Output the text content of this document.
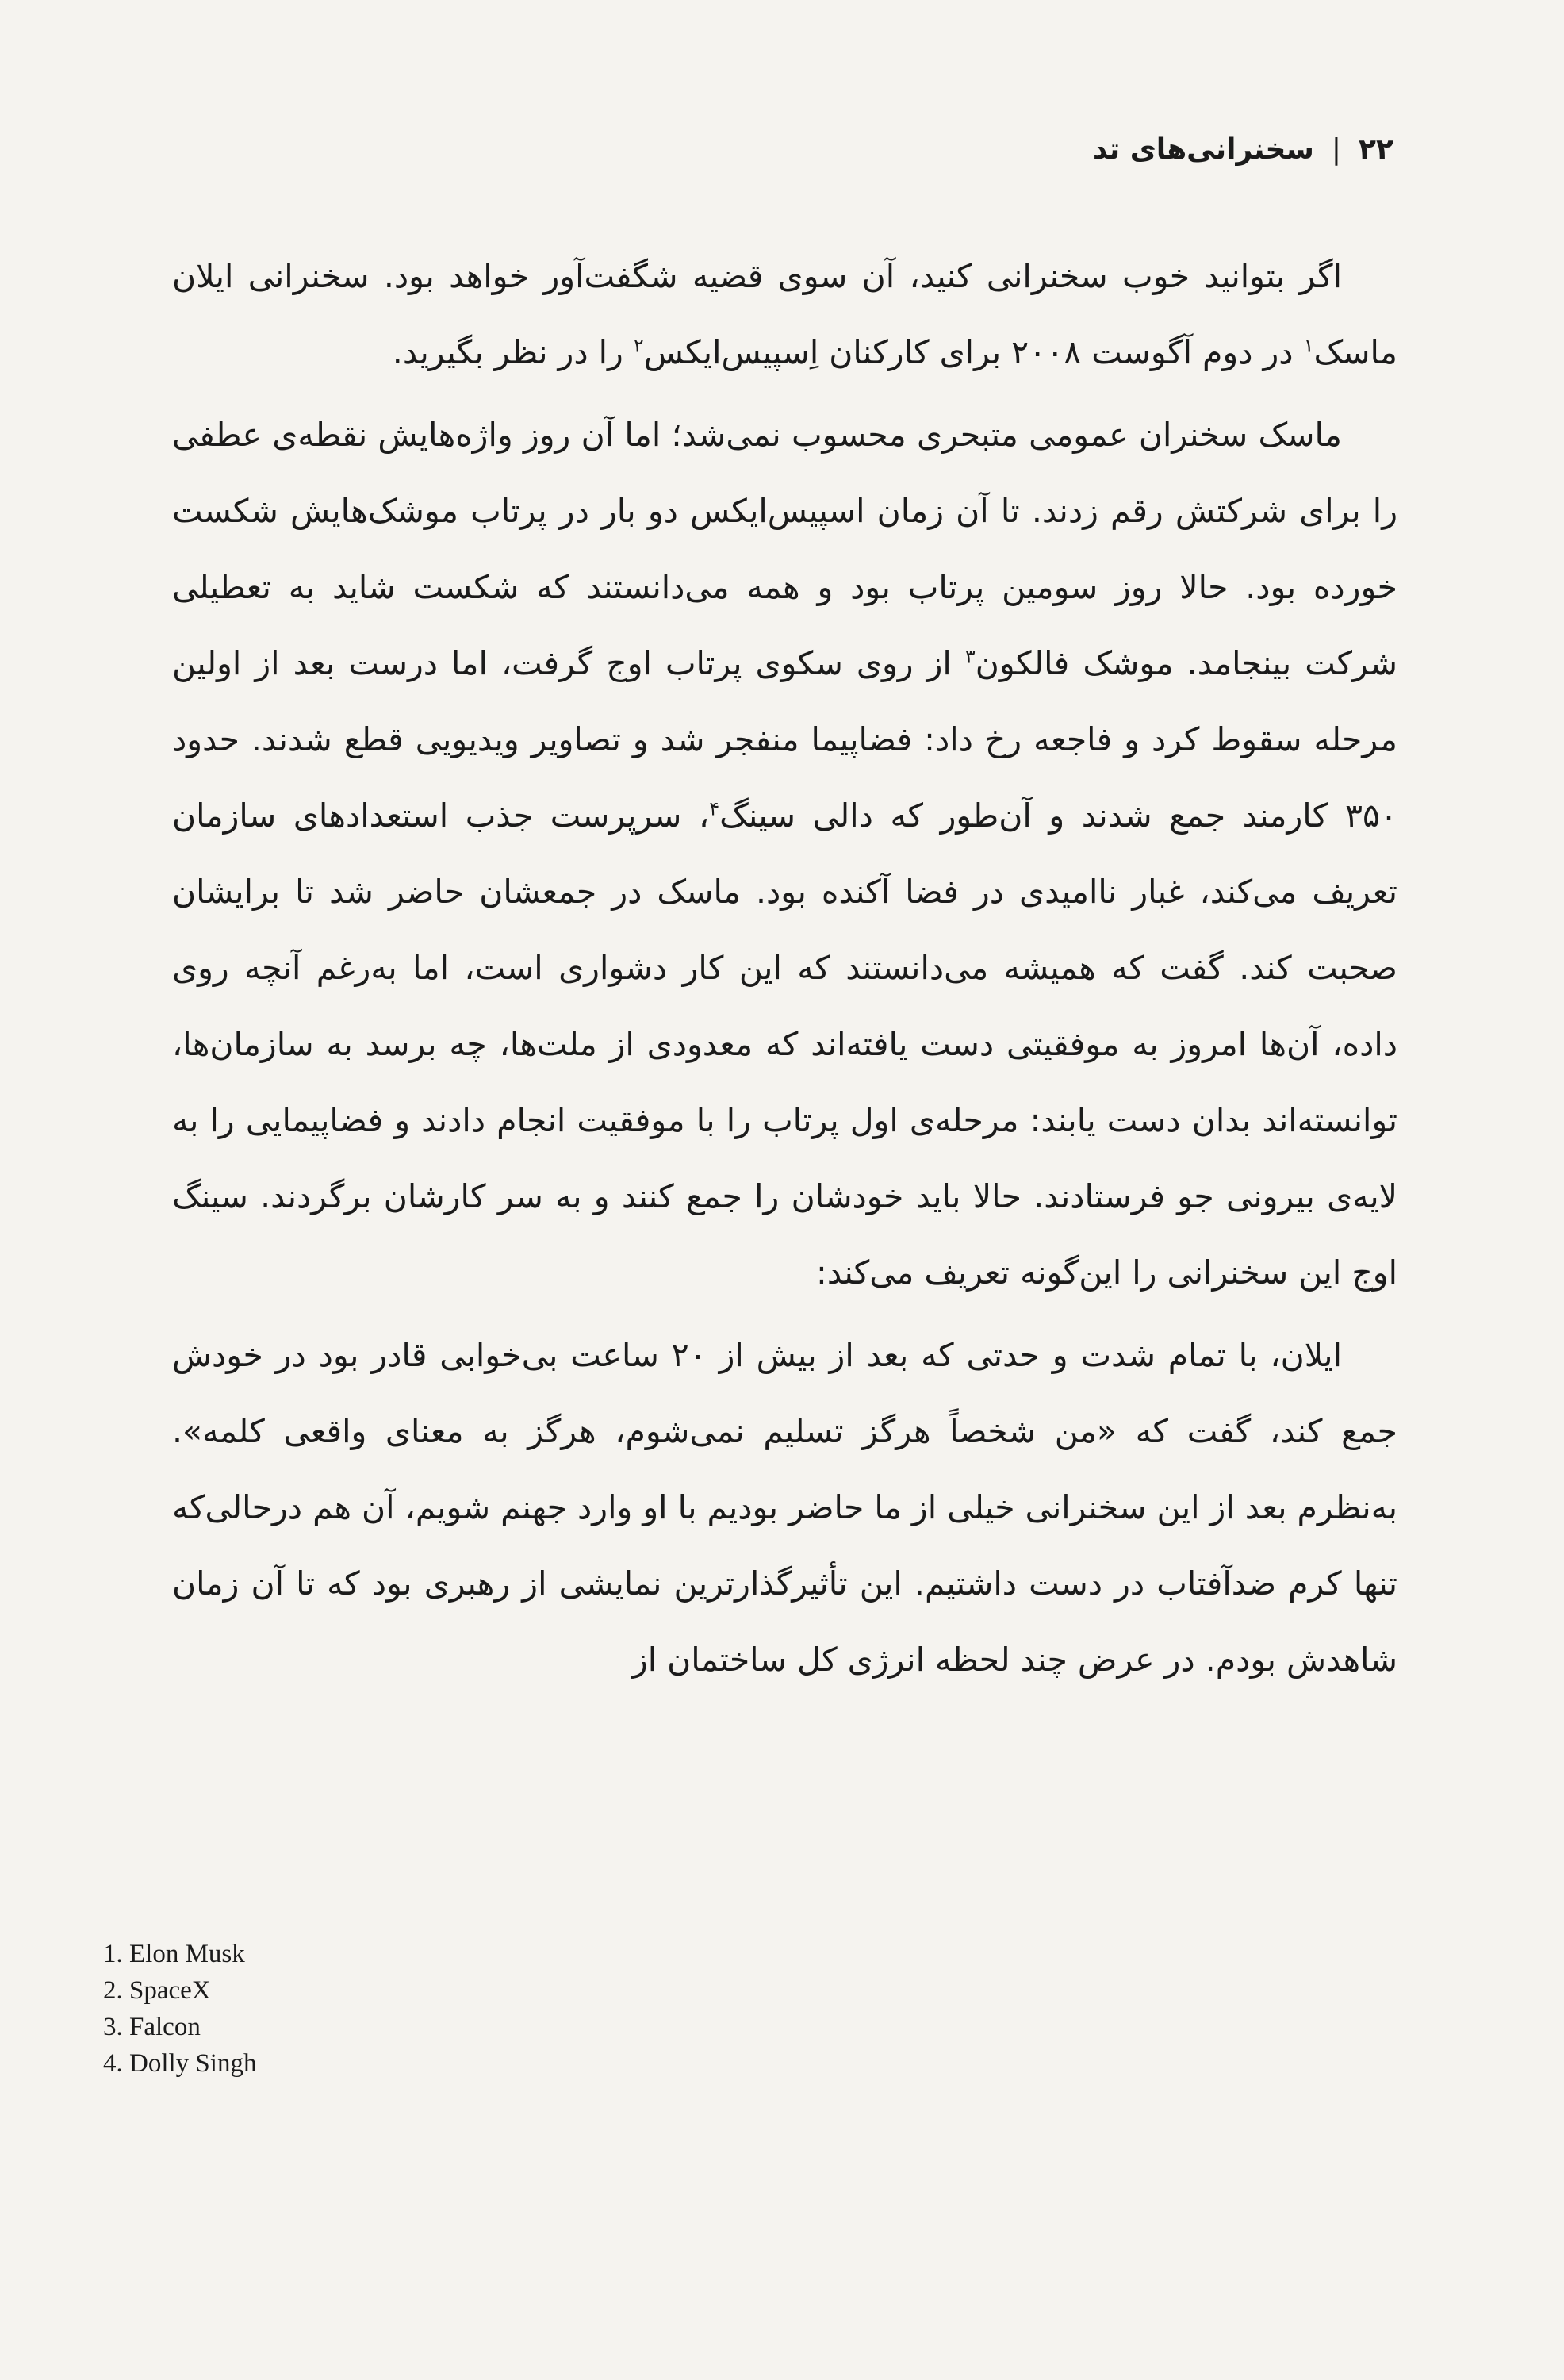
۲۲
|
سخنرانی‌های تد

اگر بتوانید خوب سخنرانی کنید، آن سوی قضیه شگفت‌آور خواهد بود. سخنرانی ایلان ماسک$^۱$ در دوم آگوست ۲۰۰۸ برای کارکنان اِسپیس‌ایکس$^۲$ را در نظر بگیرید.

ماسک سخنران عمومی متبحری محسوب نمی‌شد؛ اما آن روز واژه‌هایش نقطه‌ی عطفی را برای شرکتش رقم زدند. تا آن زمان اسپیس‌ایکس دو بار در پرتاب موشک‌هایش شکست خورده بود. حالا روز سومین پرتاب بود و همه می‌دانستند که شکست شاید به تعطیلی شرکت بینجامد. موشک فالکون$^۳$ از روی سکوی پرتاب اوج گرفت، اما درست بعد از اولین مرحله سقوط کرد و فاجعه رخ داد: فضاپیما منفجر شد و تصاویر ویدیویی قطع شدند. حدود ۳۵۰ کارمند جمع شدند و آن‌طور که دالی سینگ$^۴$، سرپرست جذب استعدادهای سازمان تعریف می‌کند، غبار ناامیدی در فضا آکنده بود. ماسک در جمعشان حاضر شد تا برایشان صحبت کند. گفت که همیشه می‌دانستند که این کار دشواری است، اما به‌رغم آنچه روی داده، آن‌ها امروز به موفقیتی دست یافته‌اند که معدودی از ملت‌ها، چه برسد به سازمان‌ها، توانسته‌اند بدان دست یابند: مرحله‌ی اول پرتاب را با موفقیت انجام دادند و فضاپیمایی را به لایه‌ی بیرونی جو فرستادند. حالا باید خودشان را جمع کنند و به سر کارشان برگردند. سینگ اوج این سخنرانی را این‌گونه تعریف می‌کند:

ایلان، با تمام شدت و حدتی که بعد از بیش از ۲۰ ساعت بی‌خوابی قادر بود در خودش جمع کند، گفت که «من شخصاً هرگز تسلیم نمی‌شوم، هرگز به معنای واقعی کلمه». به‌نظرم بعد از این سخنرانی خیلی از ما حاضر بودیم با او وارد جهنم شویم، آن هم درحالی‌که تنها کرم ضدآفتاب در دست داشتیم. این تأثیرگذارترین نمایشی از رهبری بود که تا آن زمان شاهدش بودم. در عرض چند لحظه انرژی کل ساختمان از

1. Elon Musk
2. SpaceX
3. Falcon
4. Dolly Singh
